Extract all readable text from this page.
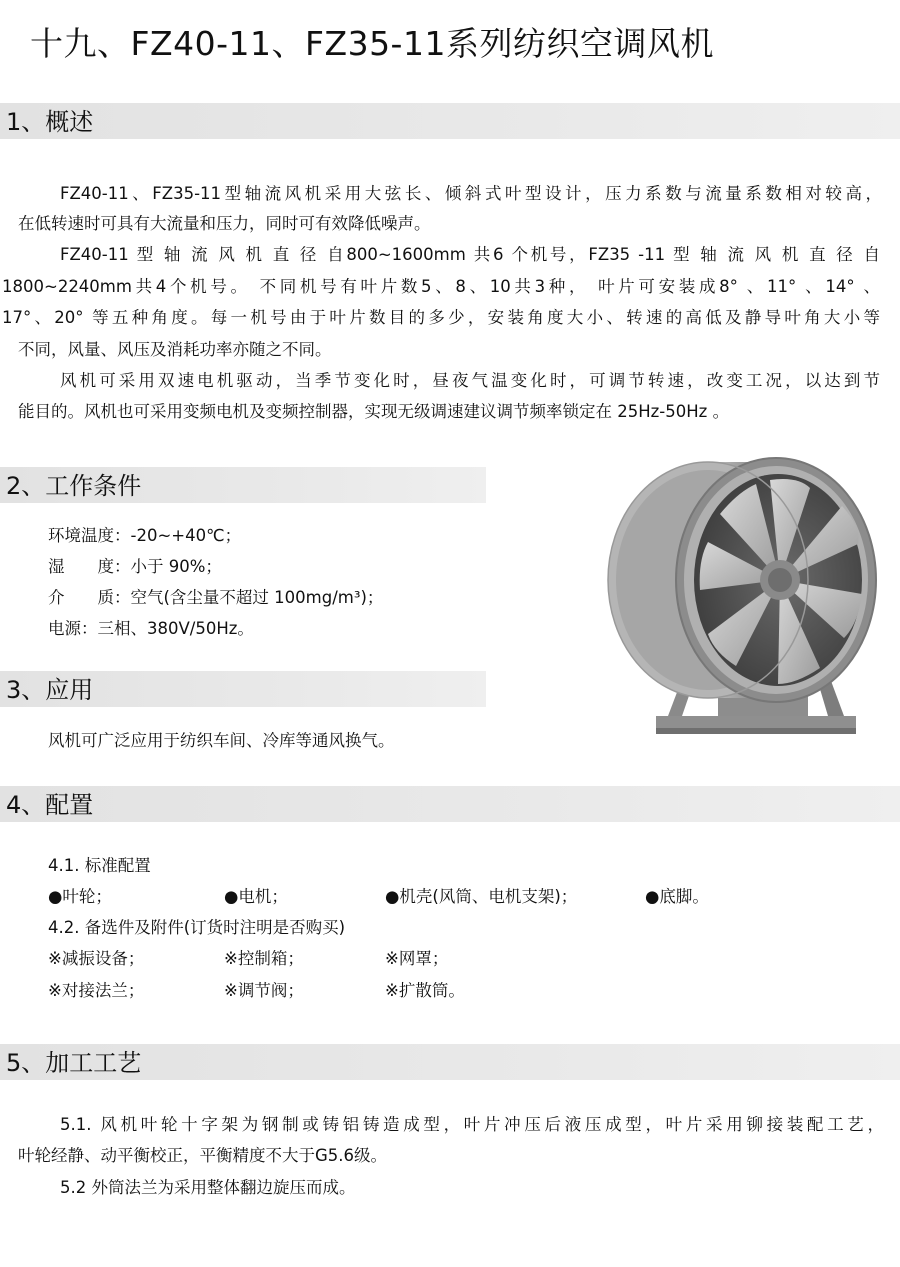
十九、FZ40-11、FZ35-11系列纺织空调风机
1、概述
FZ40-11、FZ35-11型轴流风机采用大弦长、倾斜式叶型设计，压力系数与流量系数相对较高，
在低转速时可具有大流量和压力，同时可有效降低噪声。
FZ40-11 型 轴 流 风 机 直 径 自800~1600mm 共6 个机号，FZ35 -11 型 轴 流 风 机 直 径 自
1800~2240mm共4个机号。 不同机号有叶片数5、8、10共3种， 叶片可安装成8° 、11° 、14° 、
17°、20° 等五种角度。每一机号由于叶片数目的多少，安装角度大小、转速的高低及静导叶角大小等
不同，风量、风压及消耗功率亦随之不同。
风机可采用双速电机驱动，当季节变化时，昼夜气温变化时，可调节转速，改变工况，以达到节
能目的。风机也可采用变频电机及变频控制器，实现无级调速建议调节频率锁定在 25Hz-50Hz 。
2、工作条件
环境温度：-20~+40℃；
湿　　度：小于 90%；
介　　质：空气(含尘量不超过 100mg/m³)；
电源：三相、380V/50Hz。
3、应用
风机可广泛应用于纺织车间、冷库等通风换气。
4、配置
4.1. 标准配置
●叶轮；	●电机；	●机壳(风筒、电机支架)；	●底脚。
4.2. 备选件及附件(订货时注明是否购买)
※减振设备；	※控制箱；	※网罩；
※对接法兰；	※调节阀；	※扩散筒。
5、加工工艺
5.1. 风机叶轮十字架为钢制或铸铝铸造成型，叶片冲压后液压成型，叶片采用铆接装配工艺，
叶轮经静、动平衡校正，平衡精度不大于G5.6级。
5.2 外筒法兰为采用整体翻边旋压而成。
